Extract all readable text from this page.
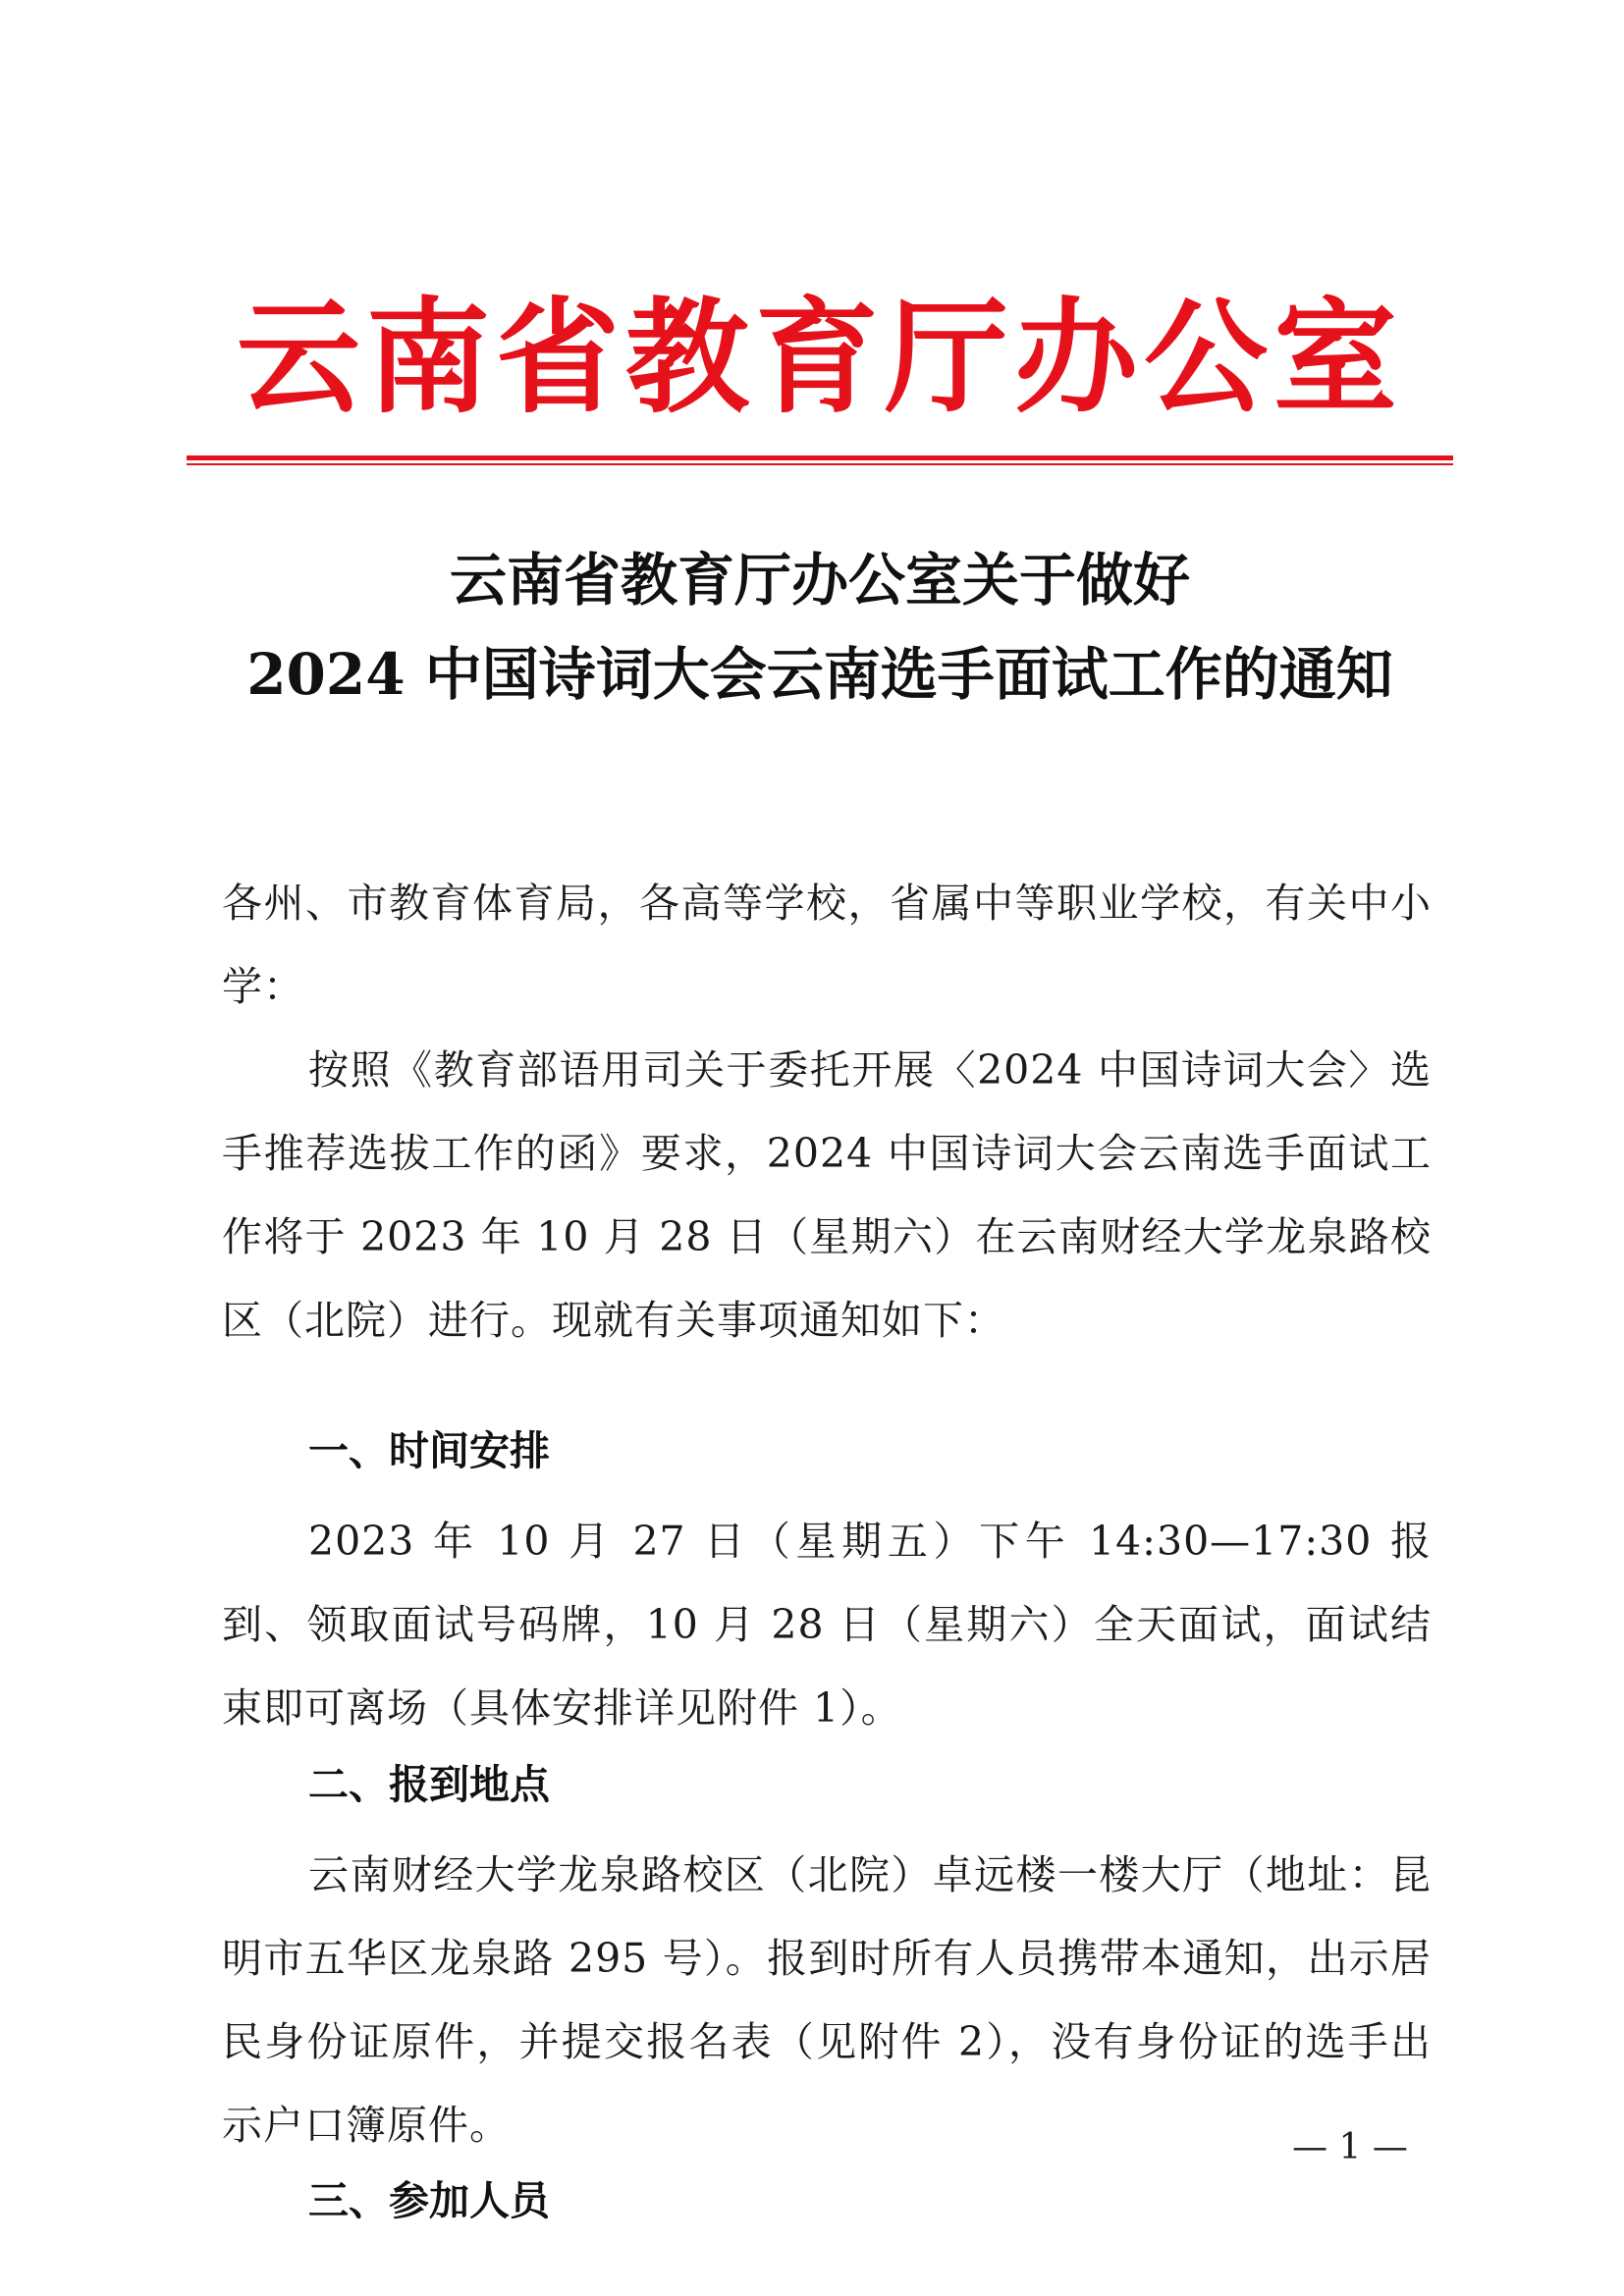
云南省教育厅办公室
云南省教育厅办公室关于做好
2024 中国诗词大会云南选手面试工作的通知
各州、市教育体育局，各高等学校，省属中等职业学校，有关中小学：
按照《教育部语用司关于委托开展〈2024 中国诗词大会〉选手推荐选拔工作的函》要求，2024 中国诗词大会云南选手面试工作将于 2023 年 10 月 28 日（星期六）在云南财经大学龙泉路校区（北院）进行。现就有关事项通知如下：
一、时间安排
2023 年 10 月 27 日（星期五）下午 14:30—17:30 报到、领取面试号码牌，10 月 28 日（星期六）全天面试，面试结束即可离场（具体安排详见附件 1）。
二、报到地点
云南财经大学龙泉路校区（北院）卓远楼一楼大厅（地址：昆明市五华区龙泉路 295 号）。报到时所有人员携带本通知，出示居民身份证原件，并提交报名表（见附件 2），没有身份证的选手出示户口簿原件。
三、参加人员
— 1 —
